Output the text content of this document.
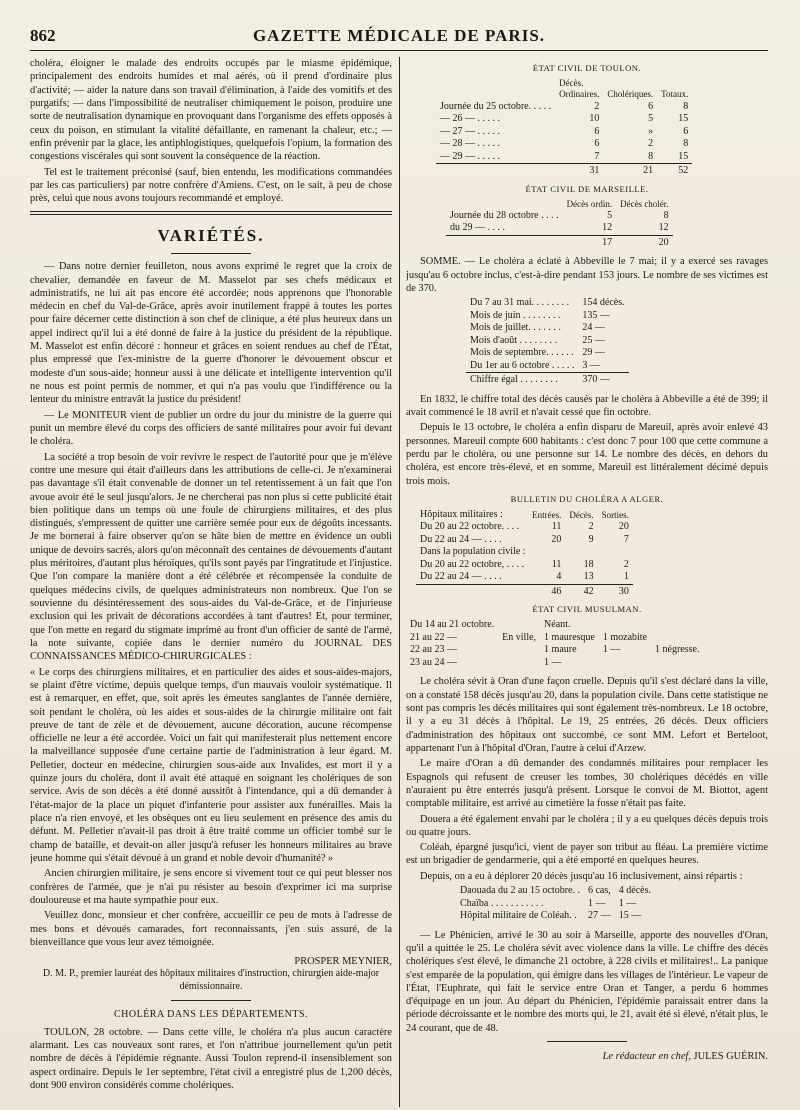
862	GAZETTE MÉDICALE DE PARIS.

choléra, éloigner le malade des endroits occupés par le miasme épidémique, principalement des endroits humides et mal aérés, où il prend d'ordinaire plus d'activité; — aider la nature dans son travail d'élimination, à l'aide des vomitifs et des purgatifs; — dans l'impossibilité de neutraliser chimiquement le poison, produire une sorte de neutralisation dynamique en provoquant dans l'organisme des effets opposés à ceux du poison, en stimulant la vitalité défaillante, en ramenant la chaleur, etc.; — enfin prévenir par la glace, les antiphlogistiques, quelquefois l'opium, la formation des congestions viscérales qui sont souvent la conséquence de la réaction.

Tel est le traitement préconisé (sauf, bien entendu, les modifications commandées par les cas particuliers) par notre confrère d'Amiens. C'est, on le sait, à peu de chose près, celui que nous avons toujours recommandé et employé.

VARIÉTÉS.

— Dans notre dernier feuilleton, nous avons exprimé le regret que la croix de chevalier, demandée en faveur de M. Masselot par ses chefs médicaux et administratifs, ne lui ait pas encore été accordée; nous apprenons que l'honorable médecin en chef du Val-de-Grâce, après avoir inutilement frappé à toutes les portes pour faire décerner cette distinction à son chef de clinique, a été plus heureux dans un appel indirect qu'il lui a été donné de faire à la justice du président de la république. M. Masselot est enfin décoré : honneur et grâces en soient rendues au chef de l'État, plus empressé que l'ex-ministre de la guerre d'honorer le dévouement obscur et modeste d'un sous-aide; honneur aussi à une délicate et intelligente intervention qu'il ne nous est point permis de nommer, et qui n'a pas voulu que l'indifférence ou la lenteur du ministre entravât la justice du président!

— Le MONITEUR vient de publier un ordre du jour du ministre de la guerre qui punit un membre élevé du corps des officiers de santé militaires pour avoir fui devant le choléra.

La société a trop besoin de voir revivre le respect de l'autorité pour que je m'élève contre une mesure qui était d'ailleurs dans les attributions de celle-ci. Je n'examinerai pas davantage s'il était convenable de donner un tel retentissement à un fait que l'on avoue avoir été le seul jusqu'alors. Je ne chercherai pas non plus si cette publicité était bien politique dans un temps où une foule de chirurgiens militaires, et des plus distingués, s'empressent de quitter une carrière semée pour eux de dégoûts incessants. Je me bornerai à faire observer qu'on se hâte bien de mettre en évidence un oubli unique de devoirs sacrés, alors qu'on méconnaît des centaines de dévouements d'autant plus méritoires, d'autant plus héroïques, qu'ils sont payés par l'ingratitude et l'injustice. Que l'on compare la manière dont a été célébrée et récompensée la conduite de quelques médecins civils, de quelques administrateurs non nombreux. Que l'on se souvienne du désintéressement des sous-aides du Val-de-Grâce, et de l'injurieuse exclusion qui les privait de décorations accordées à tant d'autres! Et, pour terminer, que l'on mette en regard du stigmate imprimé au front d'un officier de santé de l'armé, la note suivante, copiée dans le dernier numéro du JOURNAL DES CONNAISSANCES MÉDICO-CHIRURGICALES :

« Le corps des chirurgiens militaires, et en particulier des aides et sous-aides-majors, se plaint d'être victime, depuis quelque temps, d'un mauvais vouloir systématique. Il est à remarquer, en effet, que, soit après les émeutes sanglantes de l'année dernière, soit pendant le choléra, où les aides et sous-aides de la chirurgie militaire ont fait preuve de tant de zèle et de dévouement, aucune décoration, aucune récompense officielle ne leur a été accordée. Voici un fait qui manifesterait plus nettement encore la malveillance supposée d'une certaine partie de l'administration à leur égard. M. Pelletier, docteur en médecine, chirurgien sous-aide aux Invalides, est mort il y a quinze jours du choléra, dont il avait été attaqué en soignant les cholériques de son service. Avis de son décès a été donné aussitôt à l'intendance, qui a dû demander à l'état-major de la place un piquet d'infanterie pour assister aux funérailles. Mais la place n'a rien envoyé, et les obsèques ont eu lieu seulement en présence des amis du défunt. M. Pelletier n'avait-il pas droit à être traité comme un officier tombé sur le champ de bataille, et devait-on aller jusqu'à refuser les honneurs militaires au brave jeune homme qui s'était dévoué à un grand et noble devoir d'humanité? »

Ancien chirurgien militaire, je sens encore si vivement tout ce qui peut blesser nos confrères de l'armée, que je n'ai pu résister au besoin d'exprimer ici ma surprise douloureuse et ma haute sympathie pour eux.

Veuillez donc, monsieur et cher confrère, accueillir ce peu de mots à l'adresse de mes bons et dévoués camarades, fort reconnaissants, j'en suis assuré, de la bienveillance que vous leur avez témoignée.

PROSPER MEYNIER,
D. M. P., premier lauréat des hôpitaux militaires d'instruction, chirurgien aide-major démissionnaire.
CHOLÉRA DANS LES DÉPARTEMENTS.

TOULON, 28 octobre. — Dans cette ville, le choléra n'a plus aucun caractère alarmant. Les cas nouveaux sont rares, et l'on n'attribue journellement qu'un petit nombre de décès à l'épidémie régnante. Aussi Toulon reprend-il insensiblement son aspect ordinaire. Depuis le 1er septembre, l'état civil a enregistré plus de 1,200 décès, dont 900 environ considérés comme cholériques.

ÉTAT CIVIL DE TOULON.
	Décès.		
	Ordinaires.	Cholériques.	Totaux.
Journée du 25 octobre. . . . .	2	6	8
— 26 — . . . . .	10	5	15
— 27 — . . . . .	6	»	6
— 28 — . . . . .	6	2	8
— 29 — . . . . .	7	8	15
	31	21	52
ÉTAT CIVIL DE MARSEILLE.
	Décès ordin.	Décès cholér.
Journée du 28 octobre . . . .	5	8
du 29 — . . . .	12	12
	17	20

SOMME. — Le choléra a éclaté à Abbeville le 7 mai; il y a exercé ses ravages jusqu'au 6 octobre inclus, c'est-à-dire pendant 153 jours. Le nombre de ses victimes est de 370.

Du 7 au 31 mai. . . . . . . .	154 décès.
Mois de juin . . . . . . . .	135 —
Mois de juillet. . . . . . .	24 —
Mois d'août . . . . . . . .	25 —
Mois de septembre. . . . . .	29 —
Du 1er au 6 octobre . . . . .	3 —
Chiffre égal . . . . . . . .	370 —

En 1832, le chiffre total des décès causés par le choléra à Abbeville a été de 399; il avait commencé le 18 avril et n'avait cessé que fin octobre.

Depuis le 13 octobre, le choléra a enfin disparu de Mareuil, après avoir enlevé 43 personnes. Mareuil compte 600 habitants : c'est donc 7 pour 100 que cette commune a perdu par le choléra, ou une personne sur 14. Le nombre des décès, en dehors du choléra, est encore très-élevé, et en somme, Mareuil est littéralement décimé depuis trois mois.

BULLETIN DU CHOLÉRA A ALGER.
Hôpitaux militaires :	Entrées.	Décès.	Sorties.
Du 20 au 22 octobre. . . .	11	2	20
Du 22 au 24 — . . . .	20	9	7
Dans la population civile :			
Du 20 au 22 octobre, . . . .	11	18	2
Du 22 au 24 — . . . .	4	13	1
	46	42	30
ÉTAT CIVIL MUSULMAN.
Du 14 au 21 octobre.		Néant.		
21 au 22 —	En ville,	1 mauresque	1 mozabite	
22 au 23 —		1 maure	1 —	1 négresse.
23 au 24 —		1 —		

Le choléra sévit à Oran d'une façon cruelle. Depuis qu'il s'est déclaré dans la ville, on a constaté 158 décès jusqu'au 20, dans la population civile. Dans cette statistique ne sont pas compris les décès militaires qui sont également très-nombreux. Le 18 octobre, il y a eu 31 décès à l'hôpital. Le 19, 25 entrées, 26 décès. Deux officiers d'administration des hôpitaux ont succombé, ce sont MM. Lefort et Berteloot, appartenant l'un à l'hôpital d'Oran, l'autre à celui d'Arzew.

Le maire d'Oran a dû demander des condamnés militaires pour remplacer les Espagnols qui refusent de creuser les tombes, 30 cholériques décédés en ville n'auraient pu être enterrés jusqu'à présent. Lorsque le convoi de M. Biottot, agent comptable militaire, est arrivé au cimetière la fosse n'était pas faite.

Douera a été également envahi par le choléra ; il y a eu quelques décès depuis trois ou quatre jours.

Coléah, épargné jusqu'ici, vient de payer son tribut au fléau. La première victime est un brigadier de gendarmerie, qui a été emporté en quelques heures.

Depuis, on a eu à déplorer 20 décès jusqu'au 16 inclusivement, ainsi répartis :

Daouada du 2 au 15 octobre. .	6 cas,	4 décès.
Chaïba . . . . . . . . . . .	1 —	1 —
Hôpital militaire de Coléah. .	27 —	15 —

— Le Phénicien, arrivé le 30 au soir à Marseille, apporte des nouvelles d'Oran, qu'il a quittée le 25. Le choléra sévit avec violence dans la ville. Le chiffre des décès cholériques s'est élevé, le dimanche 21 octobre, à 228 civils et militaires!.. La panique s'est emparée de la population, qui émigre dans les villages de l'intérieur. Le vapeur de l'État, l'Euphrate, qui fait le service entre Oran et Tanger, a perdu 6 hommes d'équipage en un jour. Au départ du Phénicien, l'épidémie paraissait entrer dans la période décroissante et le nombre des morts qui, le 21, avait été si élevé, n'était plus, le 24 courant, que de 48.

Le rédacteur en chef, JULES GUÉRIN.
